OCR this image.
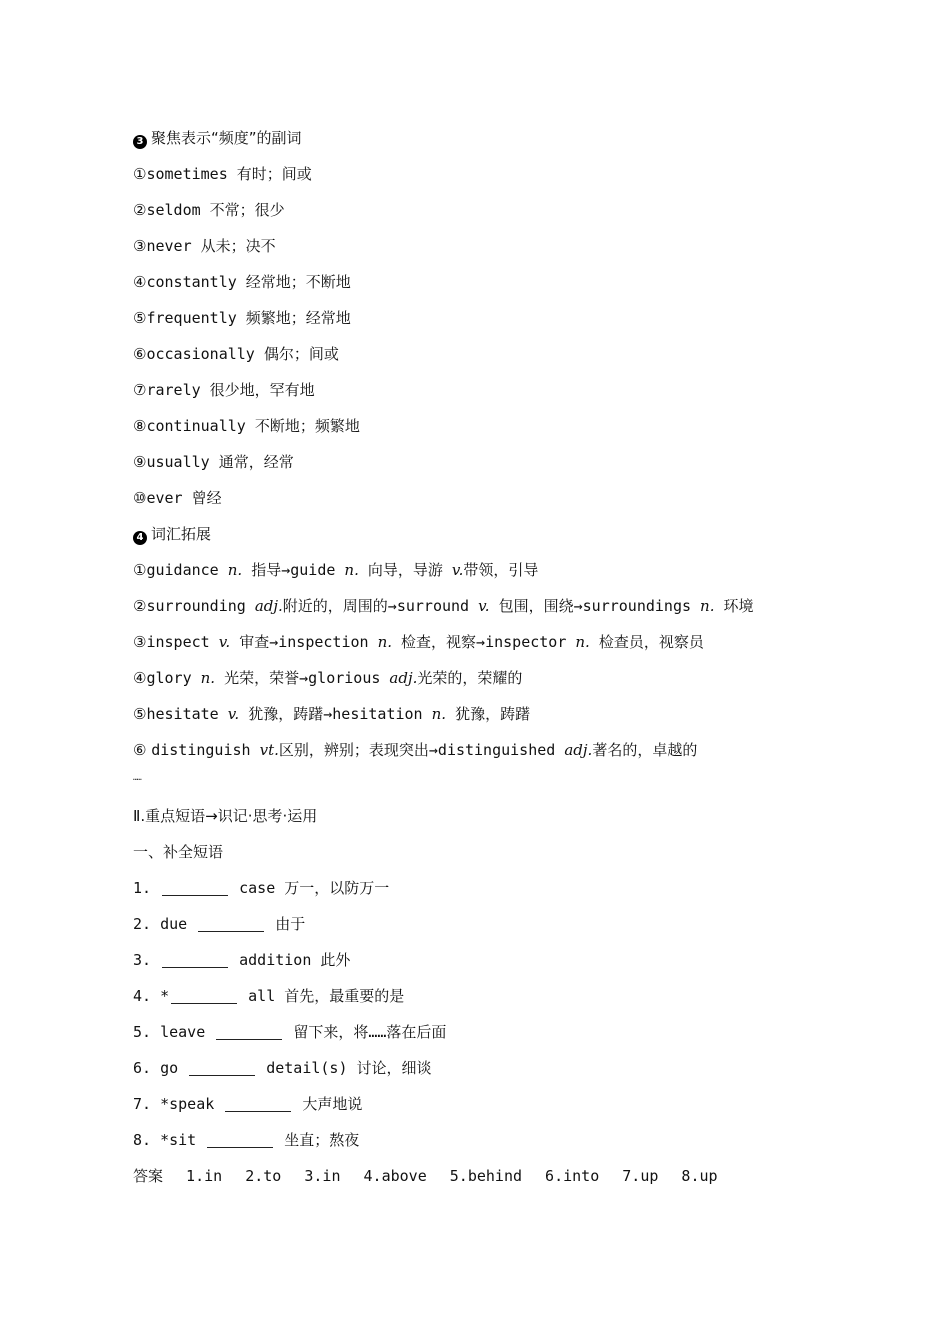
3 聚焦表示“频度”的副词
①sometimes 有时；间或
②seldom 不常；很少
③never 从未；决不
④constantly 经常地；不断地
⑤frequently 频繁地；经常地
⑥occasionally 偶尔；间或
⑦rarely 很少地，罕有地
⑧continually 不断地；频繁地
⑨usually 通常，经常
⑩ever 曾经
4 词汇拓展
①guidance n. 指导→guide n. 向导，导游 v.带领，引导
②surrounding adj.附近的，周围的→surround v. 包围，围绕→surroundings n. 环境
③inspect v. 审查→inspection n. 检查，视察→inspector n. 检查员，视察员
④glory n. 光荣，荣誉→glorious adj.光荣的，荣耀的
⑤hesitate v. 犹豫，踌躇→hesitation n. 犹豫，踌躇
⑥ distinguish vt.区别，辨别；表现突出→distinguished adj.著名的，卓越的
……
Ⅱ.重点短语→识记·思考·运用
一、补全短语
1.	case 万一，以防万一
2. due	由于
3.	addition 此外
4. *	all 首先，最重要的是
5. leave	留下来，将……落在后面
6. go	detail(s) 讨论，细谈
7. *speak	大声地说
8. *sit	坐直；熬夜
答案 1.in 2.to 3.in 4.above 5.behind 6.into 7.up 8.up
